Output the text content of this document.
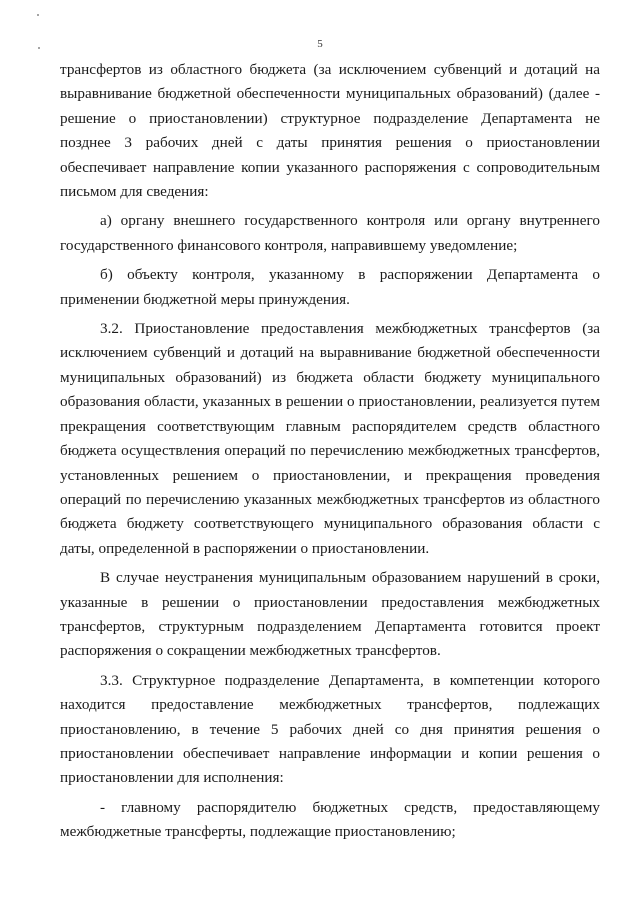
5

трансфертов из областного бюджета (за исключением субвенций и дотаций на выравнивание бюджетной обеспеченности муниципальных образований) (далее - решение о приостановлении) структурное подразделение Департамента не позднее 3 рабочих дней с даты принятия решения о приостановлении обеспечивает направление копии указанного распоряжения с сопроводительным письмом для сведения:

а) органу внешнего государственного контроля или органу внутреннего государственного финансового контроля, направившему уведомление;

б) объекту контроля, указанному в распоряжении Департамента о применении бюджетной меры принуждения.

3.2. Приостановление предоставления межбюджетных трансфертов (за исключением субвенций и дотаций на выравнивание бюджетной обеспеченности муниципальных образований) из бюджета области бюджету муниципального образования области, указанных в решении о приостановлении, реализуется путем прекращения соответствующим главным распорядителем средств областного бюджета осуществления операций по перечислению межбюджетных трансфертов, установленных решением о приостановлении, и прекращения проведения операций по перечислению указанных межбюджетных трансфертов из областного бюджета бюджету соответствующего муниципального образования области с даты, определенной в распоряжении о приостановлении.

В случае неустранения муниципальным образованием нарушений в сроки, указанные в решении о приостановлении предоставления межбюджетных трансфертов, структурным подразделением Департамента готовится проект распоряжения о сокращении межбюджетных трансфертов.

3.3. Структурное подразделение Департамента, в компетенции которого находится предоставление межбюджетных трансфертов, подлежащих приостановлению, в течение 5 рабочих дней со дня принятия решения о приостановлении обеспечивает направление информации и копии решения о приостановлении для исполнения:

- главному распорядителю бюджетных средств, предоставляющему межбюджетные трансферты, подлежащие приостановлению;
